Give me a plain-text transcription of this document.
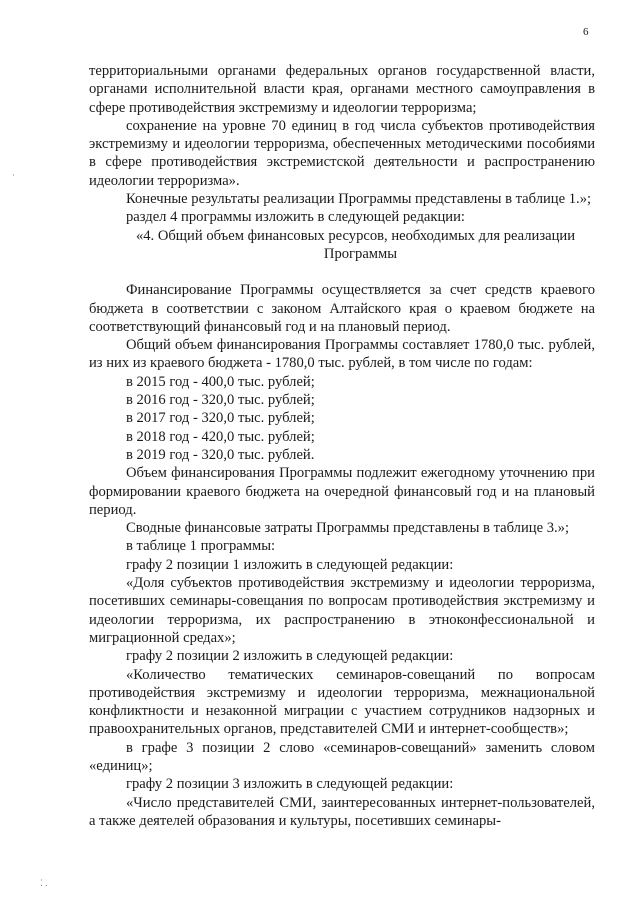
6

территориальными органами федеральных органов государственной власти, органами исполнительной власти края, органами местного самоуправления в сфере противодействия экстремизму и идеологии терроризма;

сохранение на уровне 70 единиц в год числа субъектов противодействия экстремизму и идеологии терроризма, обеспеченных методическими пособиями в сфере противодействия экстремистской деятельности и распространению идеологии терроризма».

Конечные результаты реализации Программы представлены в таблице 1.»;

раздел 4 программы изложить в следующей редакции:

«4. Общий объем финансовых ресурсов, необходимых для реализации Программы

Финансирование Программы осуществляется за счет средств краевого бюджета в соответствии с законом Алтайского края о краевом бюджете на соответствующий финансовый год и на плановый период.

Общий объем финансирования Программы составляет 1780,0 тыс. рублей, из них из краевого бюджета - 1780,0 тыс. рублей, в том числе по годам:

в 2015 год - 400,0 тыс. рублей;

в 2016 год - 320,0 тыс. рублей;

в 2017 год - 320,0 тыс. рублей;

в 2018 год - 420,0 тыс. рублей;

в 2019 год - 320,0 тыс. рублей.

Объем финансирования Программы подлежит ежегодному уточнению при формировании краевого бюджета на очередной финансовый год и на плановый период.

Сводные финансовые затраты Программы представлены в таблице 3.»;

в таблице 1 программы:

графу 2 позиции 1 изложить в следующей редакции:

«Доля субъектов противодействия экстремизму и идеологии терроризма, посетивших семинары-совещания по вопросам противодействия экстремизму и идеологии терроризма, их распространению в этноконфессиональной и миграционной средах»;

графу 2 позиции 2 изложить в следующей редакции:

«Количество тематических семинаров-совещаний по вопросам противодействия экстремизму и идеологии терроризма, межнациональной конфликтности и незаконной миграции с участием сотрудников надзорных и правоохранительных органов, представителей СМИ и интернет-сообществ»;

в графе 3 позиции 2 слово «семинаров-совещаний» заменить словом «единиц»;

графу 2 позиции 3 изложить в следующей редакции:

«Число представителей СМИ, заинтересованных интернет-пользователей, а также деятелей образования и культуры, посетивших семинары-

·
⁚ .
